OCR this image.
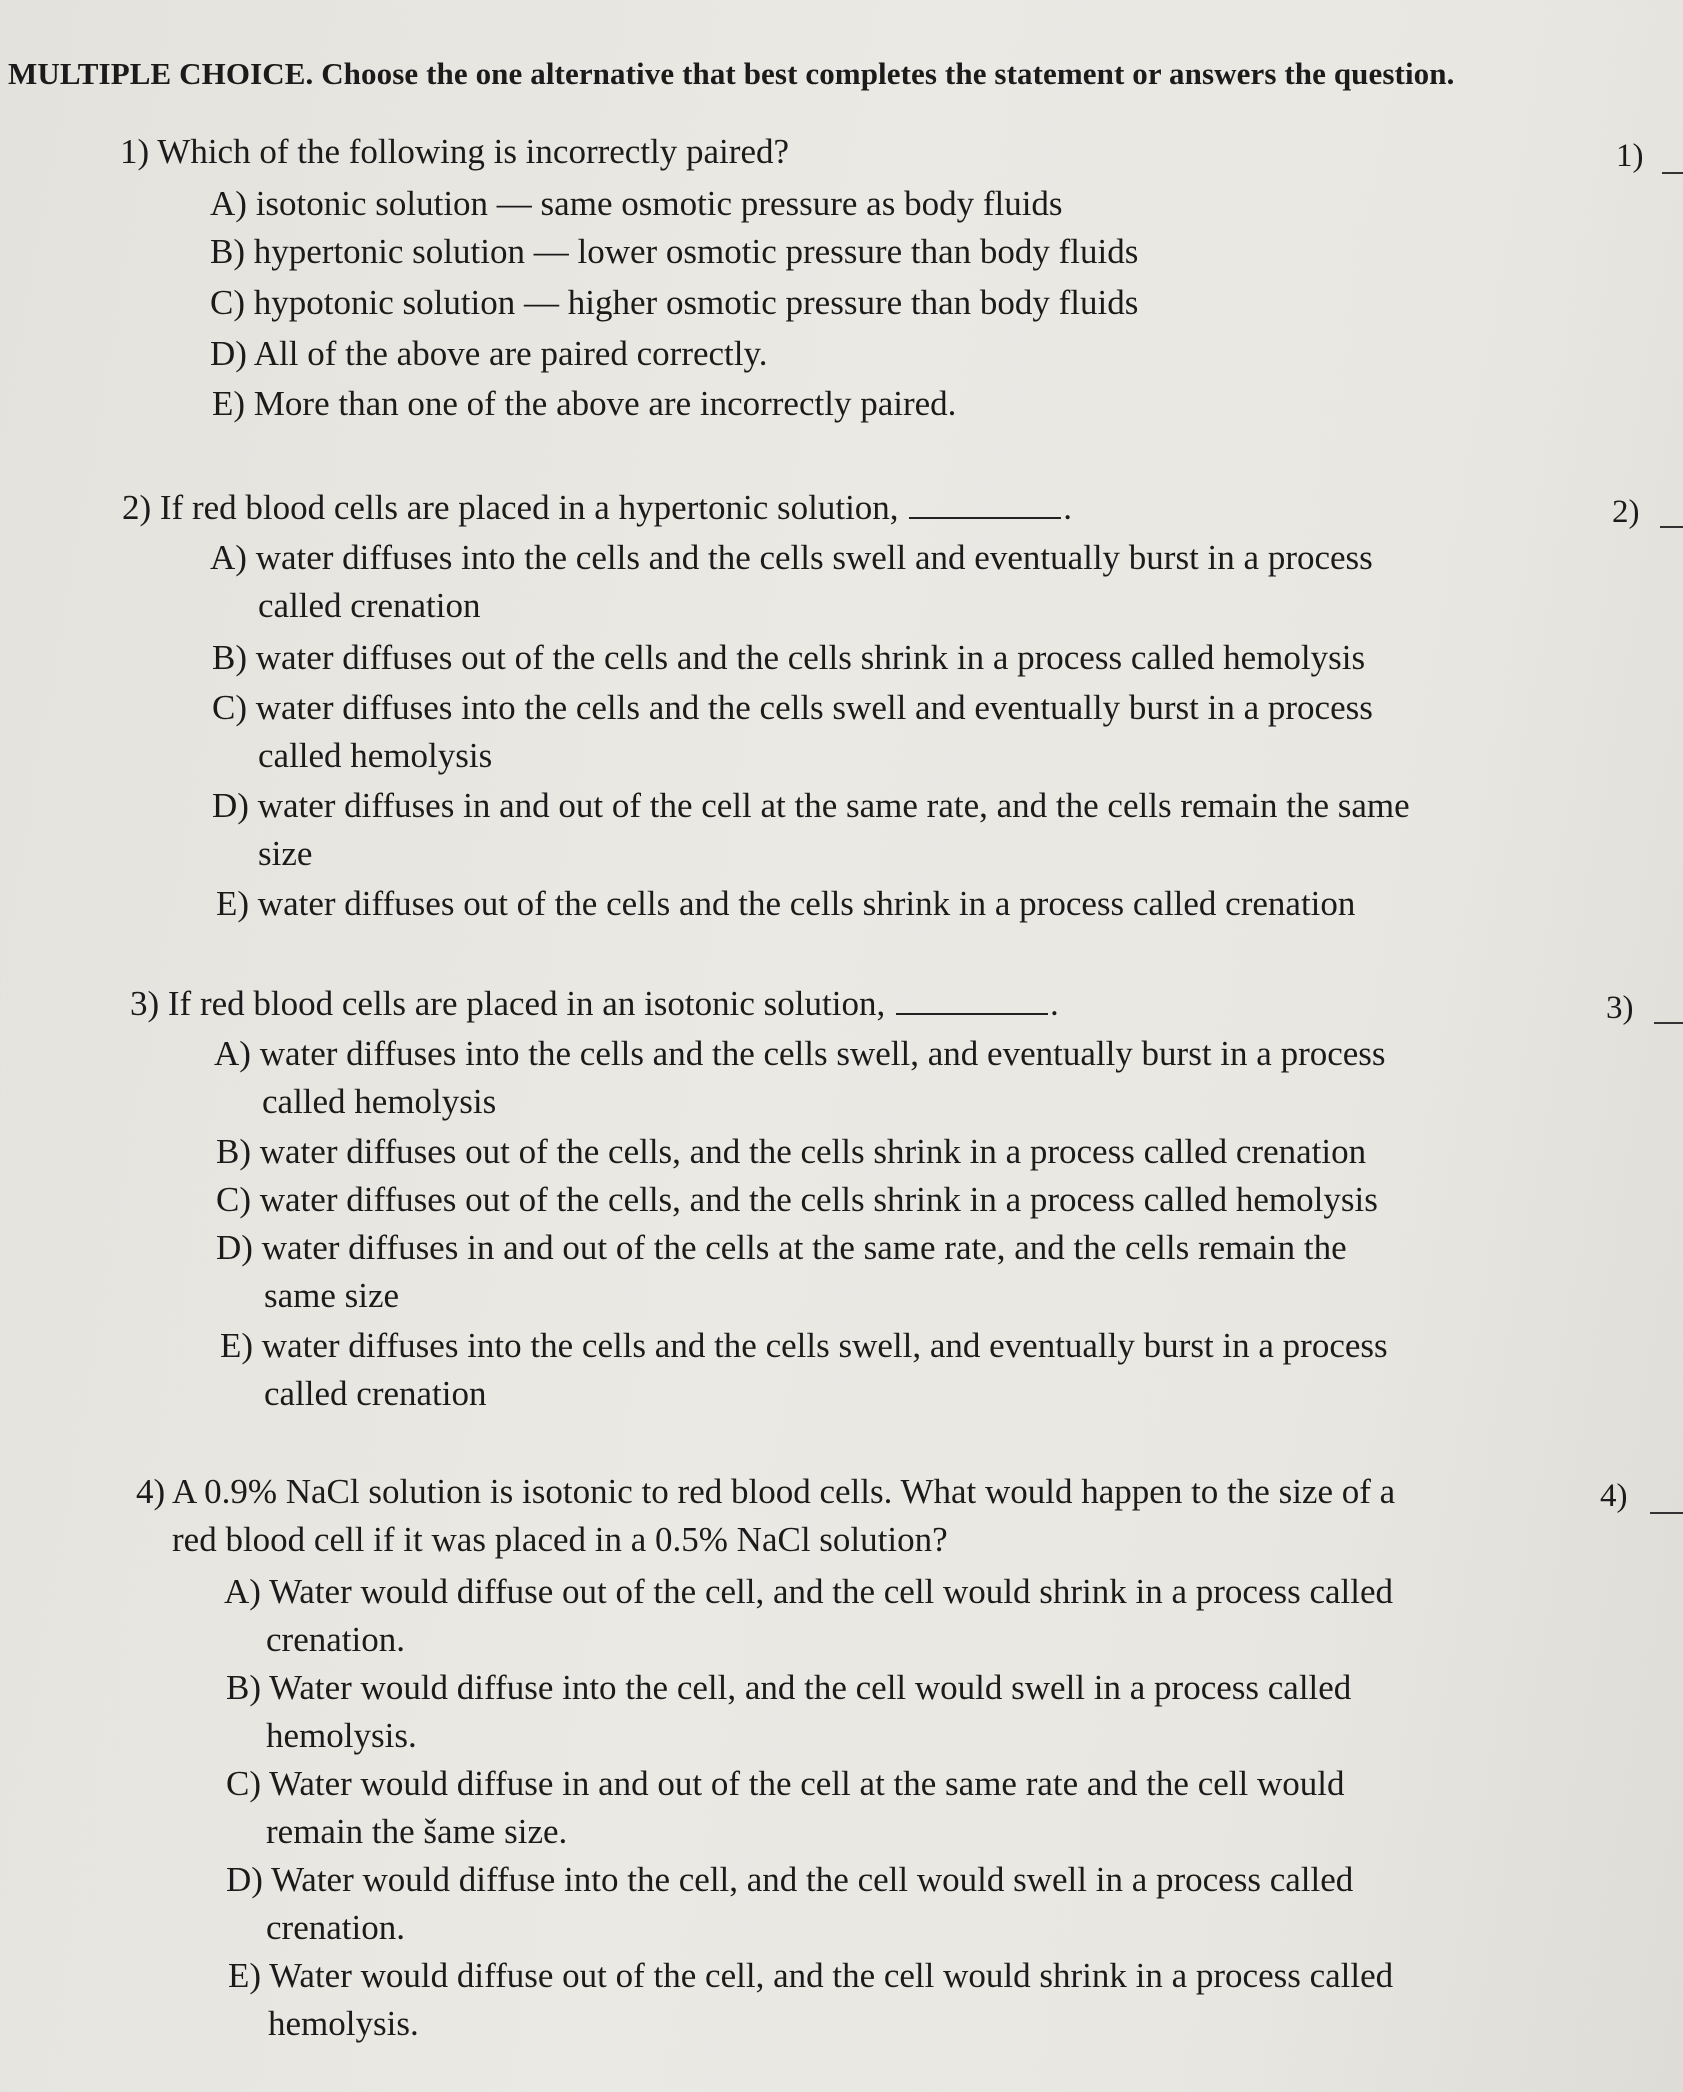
MULTIPLE CHOICE. Choose the one alternative that best completes the statement or answers the question.
1) Which of the following is incorrectly paired?	1)
A) isotonic solution — same osmotic pressure as body fluids
B) hypertonic solution — lower osmotic pressure than body fluids
C) hypotonic solution — higher osmotic pressure than body fluids
D) All of the above are paired correctly.
E) More than one of the above are incorrectly paired.
2) If red blood cells are placed in a hypertonic solution,	.	2)
A) water diffuses into the cells and the cells swell and eventually burst in a process
called crenation
B) water diffuses out of the cells and the cells shrink in a process called hemolysis
C) water diffuses into the cells and the cells swell and eventually burst in a process
called hemolysis
D) water diffuses in and out of the cell at the same rate, and the cells remain the same
size
E) water diffuses out of the cells and the cells shrink in a process called crenation
3) If red blood cells are placed in an isotonic solution,	.	3)
A) water diffuses into the cells and the cells swell, and eventually burst in a process
called hemolysis
B) water diffuses out of the cells, and the cells shrink in a process called crenation
C) water diffuses out of the cells, and the cells shrink in a process called hemolysis
D) water diffuses in and out of the cells at the same rate, and the cells remain the
same size
E) water diffuses into the cells and the cells swell, and eventually burst in a process
called crenation
4) A 0.9% NaCl solution is isotonic to red blood cells. What would happen to the size of a
red blood cell if it was placed in a 0.5% NaCl solution?
4)
A) Water would diffuse out of the cell, and the cell would shrink in a process called
crenation.
B) Water would diffuse into the cell, and the cell would swell in a process called
hemolysis.
C) Water would diffuse in and out of the cell at the same rate and the cell would
remain the šame size.
D) Water would diffuse into the cell, and the cell would swell in a process called
crenation.
E) Water would diffuse out of the cell, and the cell would shrink in a process called
hemolysis.
